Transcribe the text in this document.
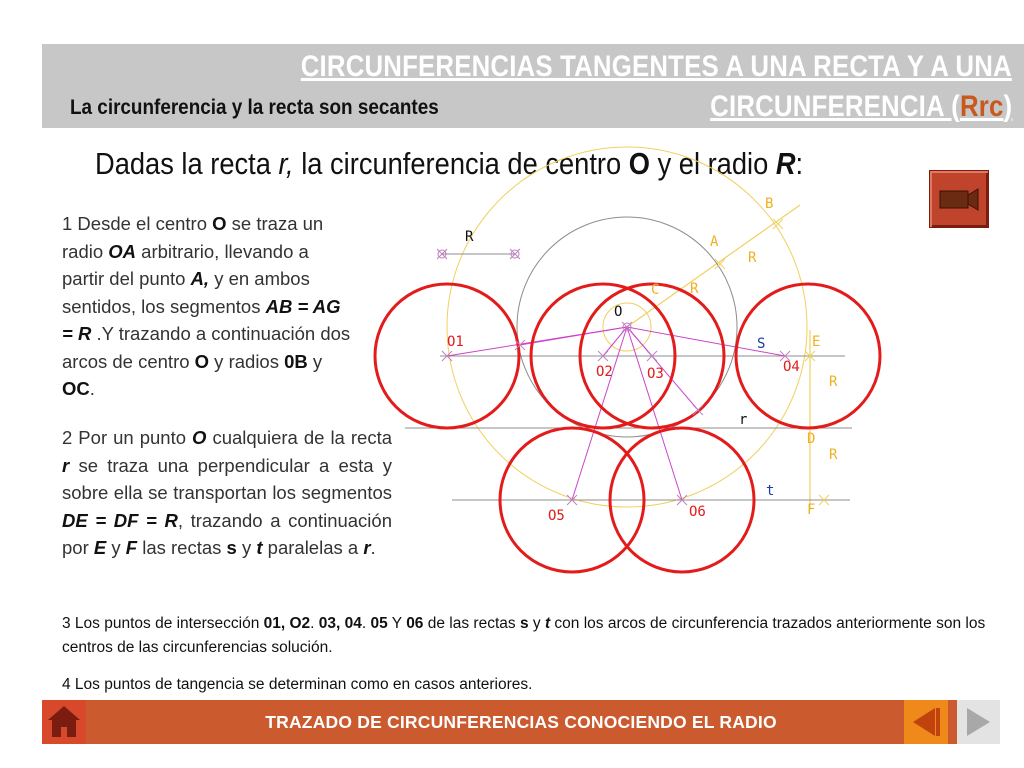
CIRCUNFERENCIAS TANGENTES A UNA RECTA Y A UNA
CIRCUNFERENCIA (Rrc)
La circunferencia y la recta son secantes
Dadas la recta r, la circunferencia de centro O y el radio R:
1 Desde el centro O se traza un radio OA arbitrario, llevando a partir del punto A, y en ambos sentidos, los segmentos AB = AG = R .Y trazando a continuación dos arcos de centro O y radios 0B y OC.
2 Por un punto O cualquiera de la recta r se traza una perpendicular a esta y sobre ella se transportan los segmentos DE = DF = R, trazando a continuación por E y F las rectas s y t paralelas a r.
R
B
A
R
C R
O
O1
O2 O3
S	E
O4
R
r
D
R
t
F
O5	O6
3 Los puntos de intersección 01, O2. 03, 04. 05 Y 06 de las rectas s y t con los arcos de circunferencia trazados anteriormente son los centros de las circunferencias solución.
4 Los puntos de tangencia se determinan como en casos anteriores.
TRAZADO DE CIRCUNFERENCIAS CONOCIENDO EL RADIO
